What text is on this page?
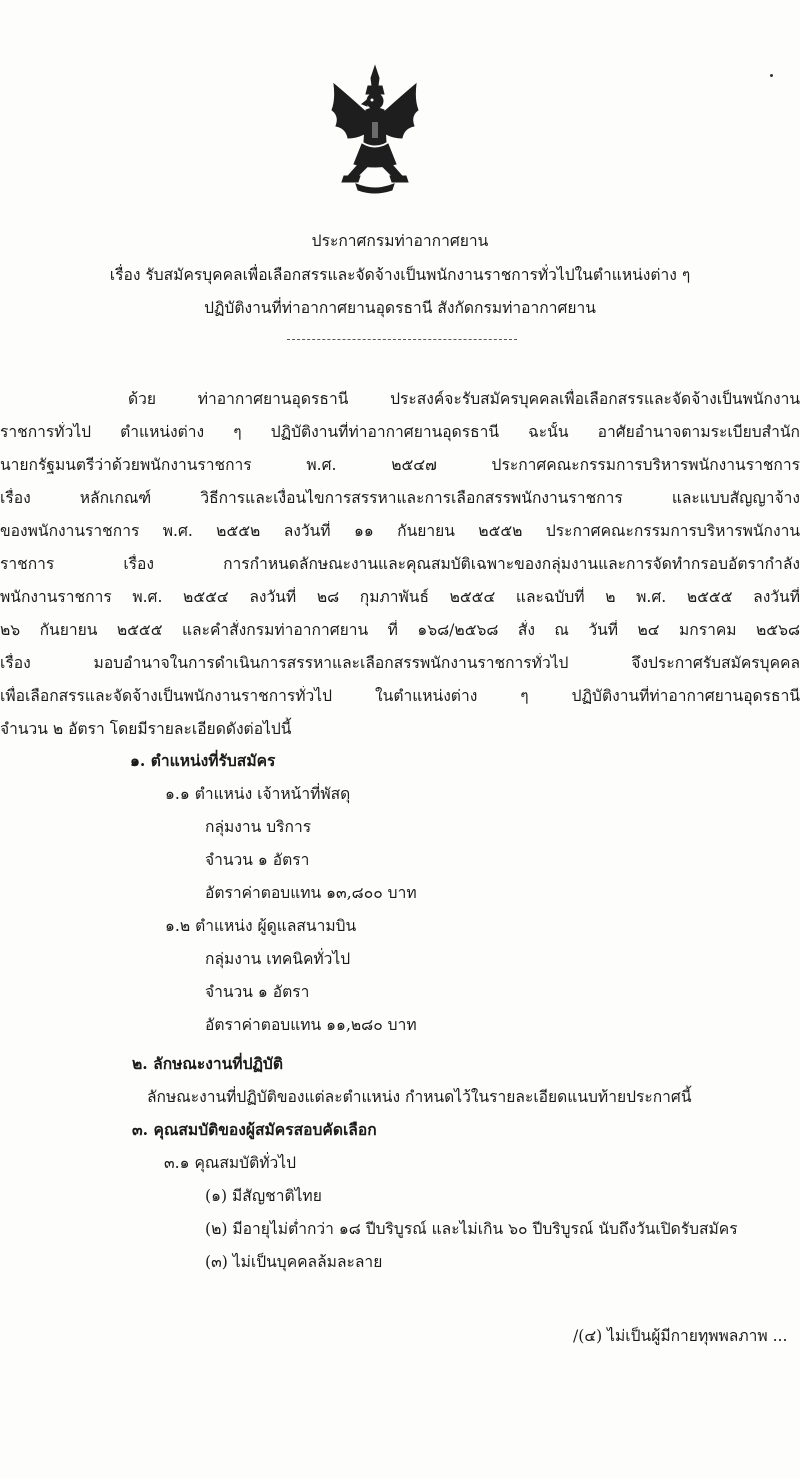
ประกาศกรมท่าอากาศยาน
เรื่อง รับสมัครบุคคลเพื่อเลือกสรรและจัดจ้างเป็นพนักงานราชการทั่วไปในตำแหน่งต่าง ๆ
ปฏิบัติงานที่ท่าอากาศยานอุดรธานี สังกัดกรมท่าอากาศยาน
ด้วย ท่าอากาศยานอุดรธานี ประสงค์จะรับสมัครบุคคลเพื่อเลือกสรรและจัดจ้างเป็นพนักงาน
ราชการทั่วไป ตำแหน่งต่าง ๆ ปฏิบัติงานที่ท่าอากาศยานอุดรธานี ฉะนั้น อาศัยอำนาจตามระเบียบสำนัก
นายกรัฐมนตรีว่าด้วยพนักงานราชการ พ.ศ. ๒๕๔๗ ประกาศคณะกรรมการบริหารพนักงานราชการ
เรื่อง หลักเกณฑ์ วิธีการและเงื่อนไขการสรรหาและการเลือกสรรพนักงานราชการ และแบบสัญญาจ้าง
ของพนักงานราชการ พ.ศ. ๒๕๕๒ ลงวันที่ ๑๑ กันยายน ๒๕๕๒ ประกาศคณะกรรมการบริหารพนักงาน
ราชการ เรื่อง การกำหนดลักษณะงานและคุณสมบัติเฉพาะของกลุ่มงานและการจัดทำกรอบอัตรากำลัง
พนักงานราชการ พ.ศ. ๒๕๕๔ ลงวันที่ ๒๘ กุมภาพันธ์ ๒๕๕๔ และฉบับที่ ๒ พ.ศ. ๒๕๕๕ ลงวันที่
๒๖ กันยายน ๒๕๕๕ และคำสั่งกรมท่าอากาศยาน ที่ ๑๖๘/๒๕๖๘ สั่ง ณ วันที่ ๒๔ มกราคม ๒๕๖๘
เรื่อง มอบอำนาจในการดำเนินการสรรหาและเลือกสรรพนักงานราชการทั่วไป จึงประกาศรับสมัครบุคคล
เพื่อเลือกสรรและจัดจ้างเป็นพนักงานราชการทั่วไป ในตำแหน่งต่าง ๆ ปฏิบัติงานที่ท่าอากาศยานอุดรธานี
จำนวน ๒ อัตรา โดยมีรายละเอียดดังต่อไปนี้
๑. ตำแหน่งที่รับสมัคร
๑.๑ ตำแหน่ง เจ้าหน้าที่พัสดุ
กลุ่มงาน บริการ
จำนวน ๑ อัตรา
อัตราค่าตอบแทน ๑๓,๘๐๐ บาท
๑.๒ ตำแหน่ง ผู้ดูแลสนามบิน
กลุ่มงาน เทคนิคทั่วไป
จำนวน ๑ อัตรา
อัตราค่าตอบแทน ๑๑,๒๘๐ บาท
๒. ลักษณะงานที่ปฏิบัติ
ลักษณะงานที่ปฏิบัติของแต่ละตำแหน่ง กำหนดไว้ในรายละเอียดแนบท้ายประกาศนี้
๓. คุณสมบัติของผู้สมัครสอบคัดเลือก
๓.๑ คุณสมบัติทั่วไป
(๑) มีสัญชาติไทย
(๒) มีอายุไม่ต่ำกว่า ๑๘ ปีบริบูรณ์ และไม่เกิน ๖๐ ปีบริบูรณ์ นับถึงวันเปิดรับสมัคร
(๓) ไม่เป็นบุคคลล้มละลาย
/(๔) ไม่เป็นผู้มีกายทุพพลภาพ ...
